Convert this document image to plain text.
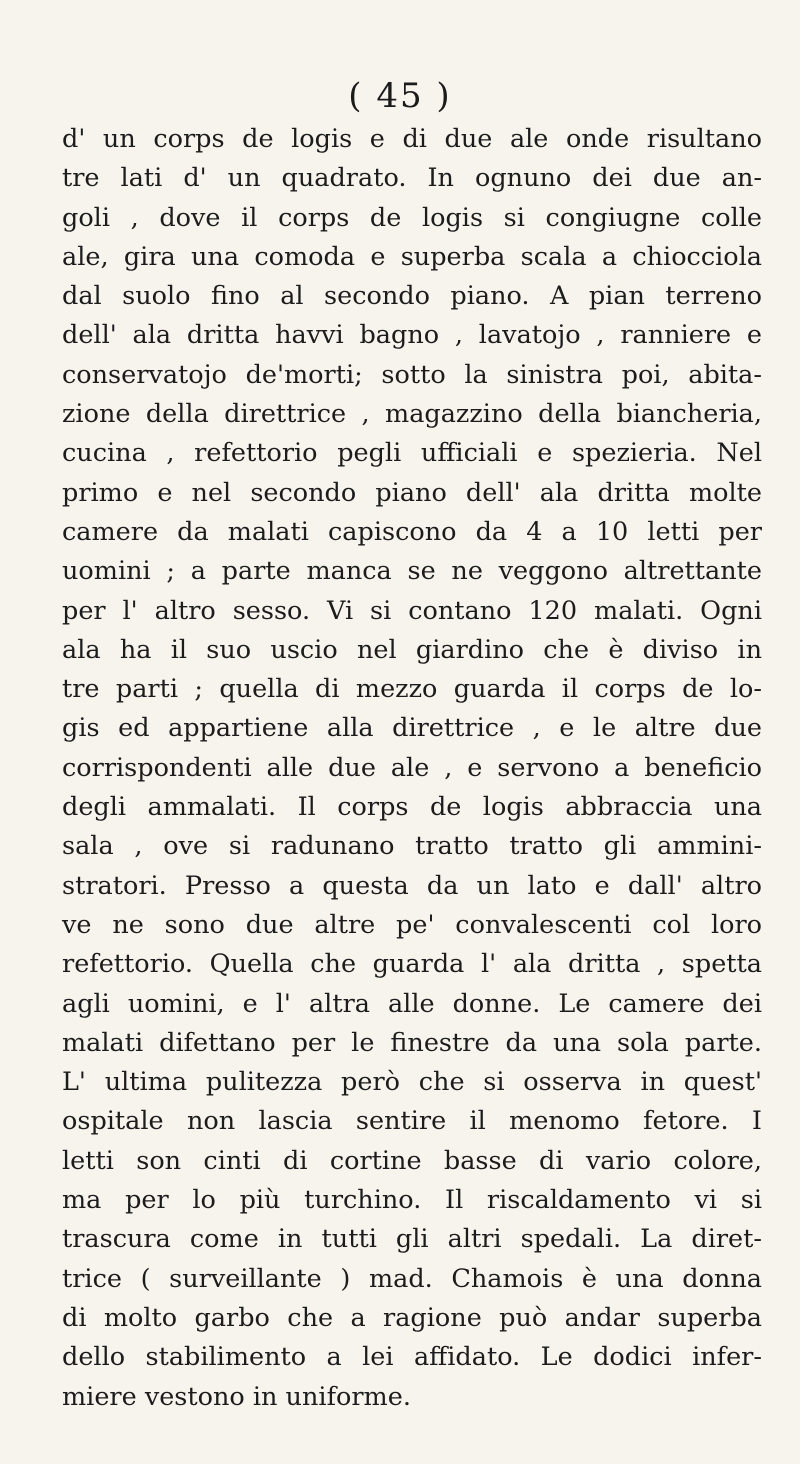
( 45 )
d' un corps de logis e di due ale onde risultano
tre lati d' un quadrato. In ognuno dei due an-
goli , dove il corps de logis si congiugne colle
ale, gira una comoda e superba scala a chiocciola
dal suolo fino al secondo piano. A pian terreno
dell' ala dritta havvi bagno , lavatojo , ranniere e
conservatojo de'morti; sotto la sinistra poi, abita-
zione della direttrice , magazzino della biancheria,
cucina , refettorio pegli ufficiali e spezieria. Nel
primo e nel secondo piano dell' ala dritta molte
camere da malati capiscono da 4 a 10 letti per
uomini ; a parte manca se ne veggono altrettante
per l' altro sesso. Vi si contano 120 malati. Ogni
ala ha il suo uscio nel giardino che è diviso in
tre parti ; quella di mezzo guarda il corps de lo-
gis ed appartiene alla direttrice , e le altre due
corrispondenti alle due ale , e servono a beneficio
degli ammalati. Il corps de logis abbraccia una
sala , ove si radunano tratto tratto gli ammini-
stratori. Presso a questa da un lato e dall' altro
ve ne sono due altre pe' convalescenti col loro
refettorio. Quella che guarda l' ala dritta , spetta
agli uomini, e l' altra alle donne. Le camere dei
malati difettano per le finestre da una sola parte.
L' ultima pulitezza però che si osserva in quest'
ospitale non lascia sentire il menomo fetore. I
letti son cinti di cortine basse di vario colore,
ma per lo più turchino. Il riscaldamento vi si
trascura come in tutti gli altri spedali. La diret-
trice ( surveillante ) mad. Chamois è una donna
di molto garbo che a ragione può andar superba
dello stabilimento a lei affidato. Le dodici infer-
miere vestono in uniforme.
